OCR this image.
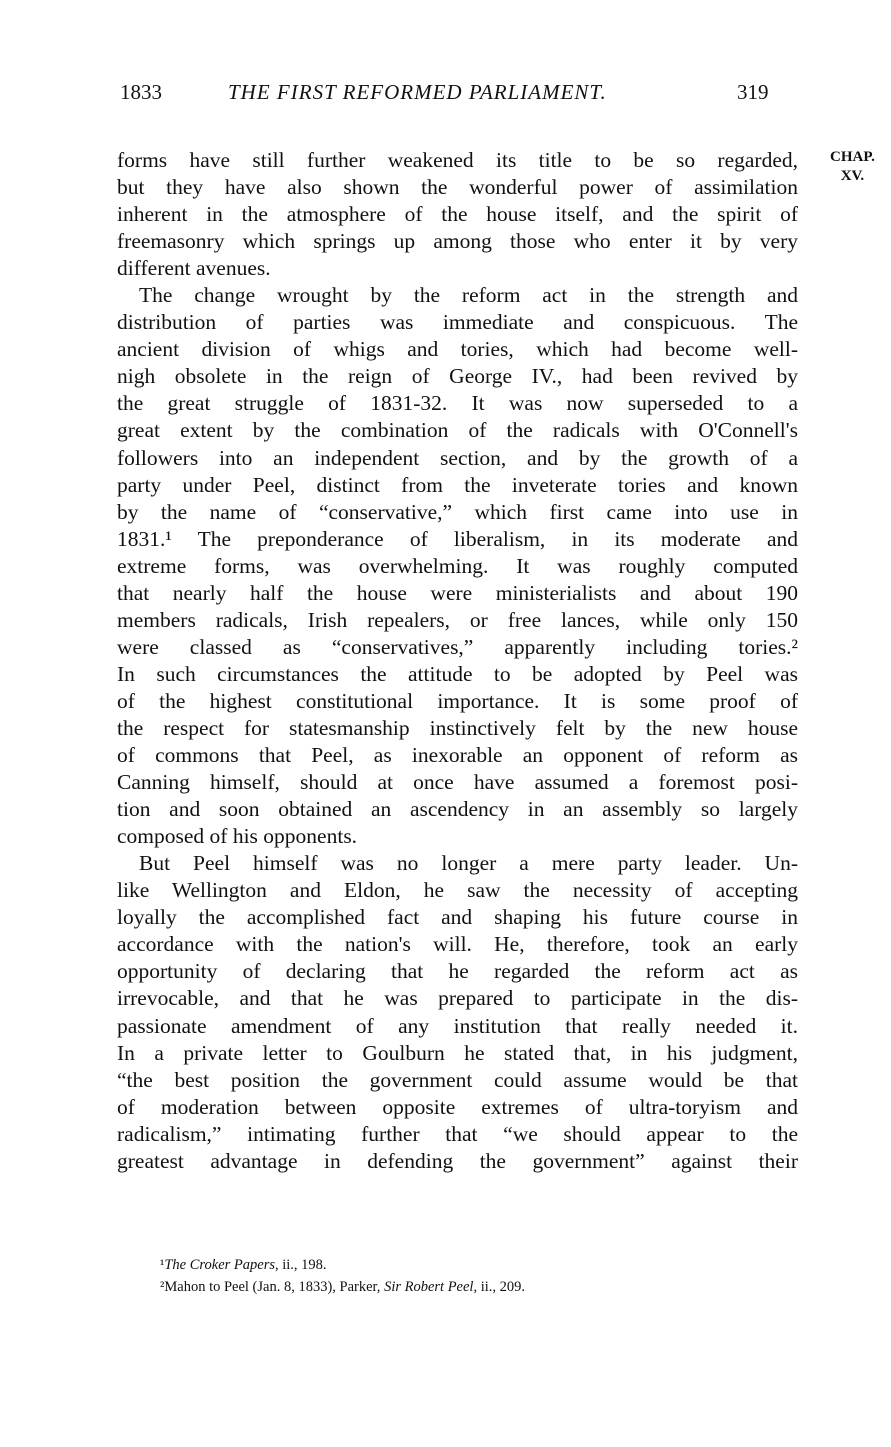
1833	THE FIRST REFORMED PARLIAMENT.	319
CHAP.
XV.
forms have still further weakened its title to be so regarded,
but they have also shown the wonderful power of assimilation
inherent in the atmosphere of the house itself, and the spirit of
freemasonry which springs up among those who enter it by very
different avenues.
The change wrought by the reform act in the strength and
distribution of parties was immediate and conspicuous. The
ancient division of whigs and tories, which had become well-
nigh obsolete in the reign of George IV., had been revived by
the great struggle of 1831-32. It was now superseded to a
great extent by the combination of the radicals with O'Connell's
followers into an independent section, and by the growth of a
party under Peel, distinct from the inveterate tories and known
by the name of “conservative,” which first came into use in
1831.¹ The preponderance of liberalism, in its moderate and
extreme forms, was overwhelming. It was roughly computed
that nearly half the house were ministerialists and about 190
members radicals, Irish repealers, or free lances, while only 150
were classed as “conservatives,” apparently including tories.²
In such circumstances the attitude to be adopted by Peel was
of the highest constitutional importance. It is some proof of
the respect for statesmanship instinctively felt by the new house
of commons that Peel, as inexorable an opponent of reform as
Canning himself, should at once have assumed a foremost posi-
tion and soon obtained an ascendency in an assembly so largely
composed of his opponents.
But Peel himself was no longer a mere party leader. Un-
like Wellington and Eldon, he saw the necessity of accepting
loyally the accomplished fact and shaping his future course in
accordance with the nation's will. He, therefore, took an early
opportunity of declaring that he regarded the reform act as
irrevocable, and that he was prepared to participate in the dis-
passionate amendment of any institution that really needed it.
In a private letter to Goulburn he stated that, in his judgment,
“the best position the government could assume would be that
of moderation between opposite extremes of ultra-toryism and
radicalism,” intimating further that “we should appear to the
greatest advantage in defending the government” against their
¹The Croker Papers, ii., 198.
²Mahon to Peel (Jan. 8, 1833), Parker, Sir Robert Peel, ii., 209.
